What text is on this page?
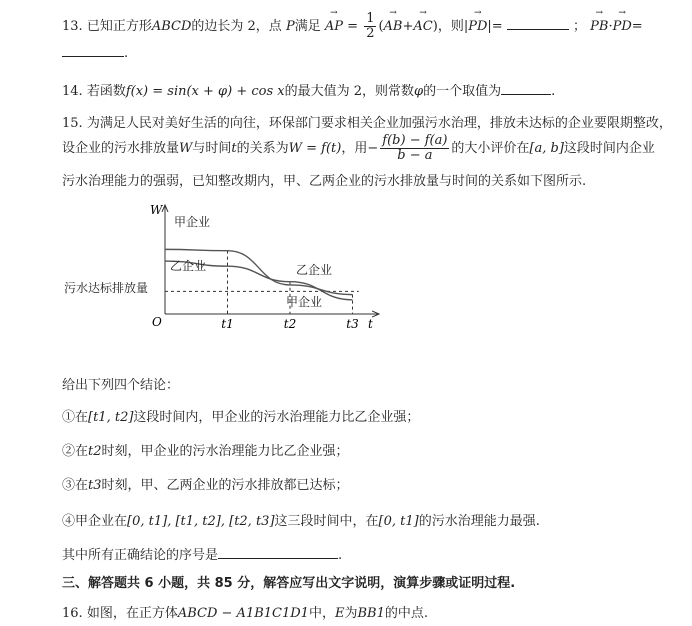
13. 已知正方形ABCD的边长为 2，点 P满足 → AP = $\frac{1}{2}$ (→ AB+→ AC)，则|→ PD|=	； → PB·→ PD=
.
14. 若函数f(x) = sin(x + φ) + cos x的最大值为 2，则常数φ的一个取值为	.
15. 为满足人民对美好生活的向往，环保部门要求相关企业加强污水治理，排放未达标的企业要限期整改，
设企业的污水排放量W与时间t的关系为W = f(t)，用− $\frac{f(b) - f(a)}{b - a}$ 的大小评价在[a, b]这段时间内企业
污水治理能力的强弱，已知整改期内，甲、乙两企业的污水排放量与时间的关系如下图所示.
W
t
O
污水达标排放量
t1	t2	t3
甲企业
乙企业	乙企业
甲企业
给出下列四个结论：
①在[t1, t2]这段时间内，甲企业的污水治理能力比乙企业强；
②在t2时刻，甲企业的污水治理能力比乙企业强；
③在t3时刻，甲、乙两企业的污水排放都已达标；
④甲企业在[0, t1], [t1, t2], [t2, t3]这三段时间中，在[0, t1]的污水治理能力最强.
其中所有正确结论的序号是	.
三、解答题共 6 小题，共 85 分，解答应写出文字说明，演算步骤或证明过程.
16. 如图，在正方体ABCD − A1B1C1D1中，E为BB1的中点.
